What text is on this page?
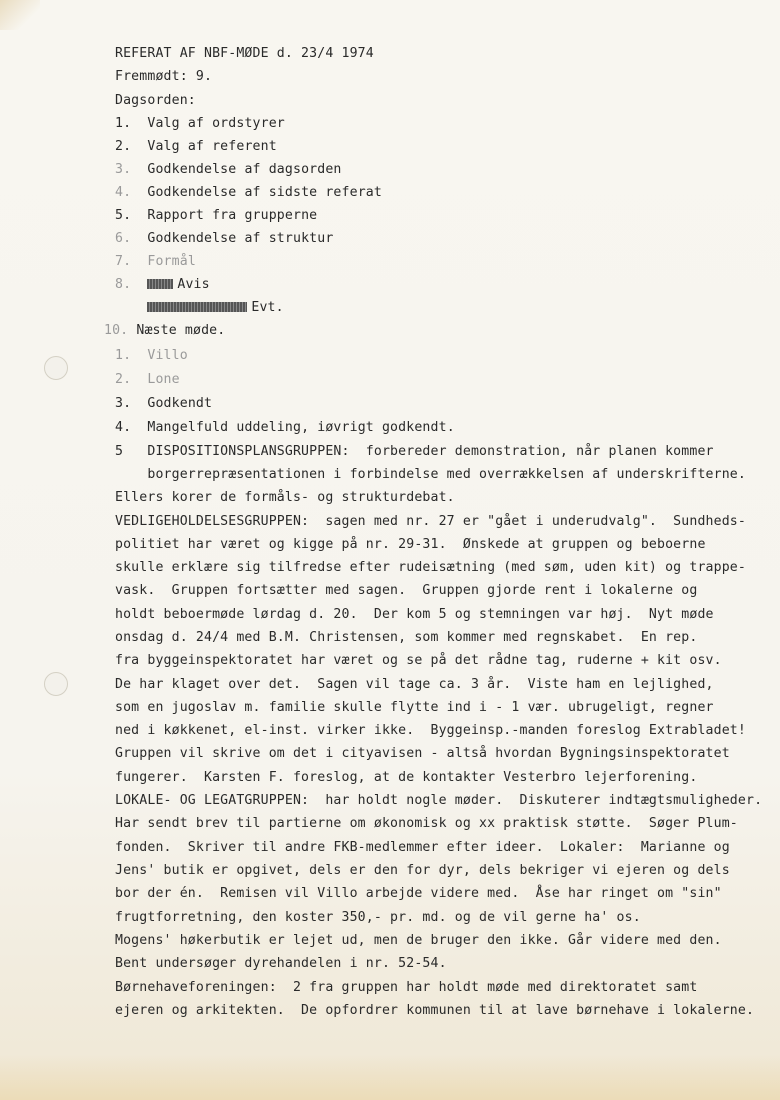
REFERAT AF NBF-MØDE d. 23/4 1974
Fremmødt: 9.
Dagsorden:
1. Valg af ordstyrer
2. Valg af referent
3. Godkendelse af dagsorden
4. Godkendelse af sidste referat
5. Rapport fra grupperne
6. Godkendelse af struktur
7. Formål
8.	Avis
Evt.
10. Næste møde.
1. Villo
2. Lone
3. Godkendt
4. Mangelfuld uddeling, iøvrigt godkendt.
5   DISPOSITIONSPLANSGRUPPEN:  forbereder demonstration, når planen kommer
borgerrepræsentationen i forbindelse med overrækkelsen af underskrifterne.
Ellers korer de formåls- og strukturdebat.
VEDLIGEHOLDELSESGRUPPEN:  sagen med nr. 27 er "gået i underudvalg".  Sundheds-
politiet har været og kigge på nr. 29-31.  Ønskede at gruppen og beboerne
skulle erklære sig tilfredse efter rudeisætning (med søm, uden kit) og trappe-
vask.  Gruppen fortsætter med sagen.  Gruppen gjorde rent i lokalerne og
holdt beboermøde lørdag d. 20.  Der kom 5 og stemningen var høj.  Nyt møde
onsdag d. 24/4 med B.M. Christensen, som kommer med regnskabet.  En rep.
fra byggeinspektoratet har været og se på det rådne tag, ruderne + kit osv.
De har klaget over det.  Sagen vil tage ca. 3 år.  Viste ham en lejlighed,
som en jugoslav m. familie skulle flytte ind i - 1 vær. ubrugeligt, regner
ned i køkkenet, el-inst. virker ikke.  Byggeinsp.-manden foreslog Extrabladet!
Gruppen vil skrive om det i cityavisen - altså hvordan Bygningsinspektoratet
fungerer.  Karsten F. foreslog, at de kontakter Vesterbro lejerforening.
LOKALE- OG LEGATGRUPPEN:  har holdt nogle møder.  Diskuterer indtægtsmuligheder.
Har sendt brev til partierne om økonomisk og xx praktisk støtte.  Søger Plum-
fonden.  Skriver til andre FKB-medlemmer efter ideer.  Lokaler:  Marianne og
Jens' butik er opgivet, dels er den for dyr, dels bekriger vi ejeren og dels
bor der én.  Remisen vil Villo arbejde videre med.  Åse har ringet om "sin"
frugtforretning, den koster 350,- pr. md. og de vil gerne ha' os.
Mogens' høkerbutik er lejet ud, men de bruger den ikke. Går videre med den.
Bent undersøger dyrehandelen i nr. 52-54.
Børnehaveforeningen:  2 fra gruppen har holdt møde med direktoratet samt
ejeren og arkitekten.  De opfordrer kommunen til at lave børnehave i lokalerne.
